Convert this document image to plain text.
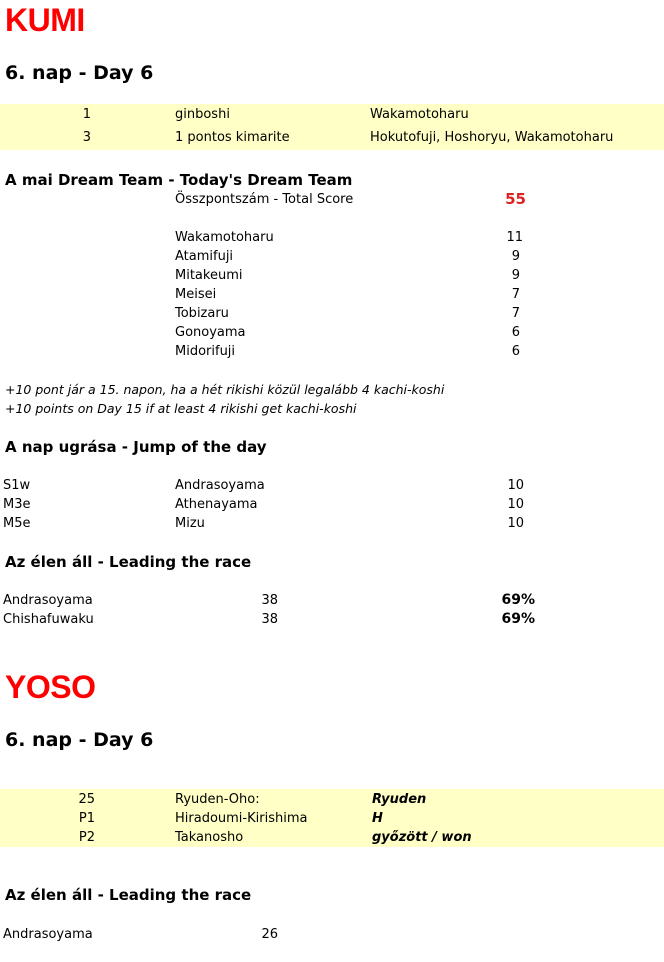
KUMI
6. nap - Day 6
1	ginboshi	Wakamotoharu
3	1 pontos kimarite	Hokutofuji, Hoshoryu, Wakamotoharu
A mai Dream Team - Today's Dream Team
Összpontszám - Total Score	55
Wakamotoharu	11
Atamifuji	9
Mitakeumi	9
Meisei	7
Tobizaru	7
Gonoyama	6
Midorifuji	6
+10 pont jár a 15. napon, ha a hét rikishi közül legalább 4 kachi-koshi
+10 points on Day 15 if at least 4 rikishi get kachi-koshi
A nap ugrása - Jump of the day
S1w	Andrasoyama	10
M3e	Athenayama	10
M5e	Mizu	10
Az élen áll - Leading the race
Andrasoyama	38	69%
Chishafuwaku	38	69%
YOSO
6. nap - Day 6
25	Ryuden-Oho:	Ryuden
P1	Hiradoumi-Kirishima	H
P2	Takanosho	győzött / won
Az élen áll - Leading the race
Andrasoyama	26
